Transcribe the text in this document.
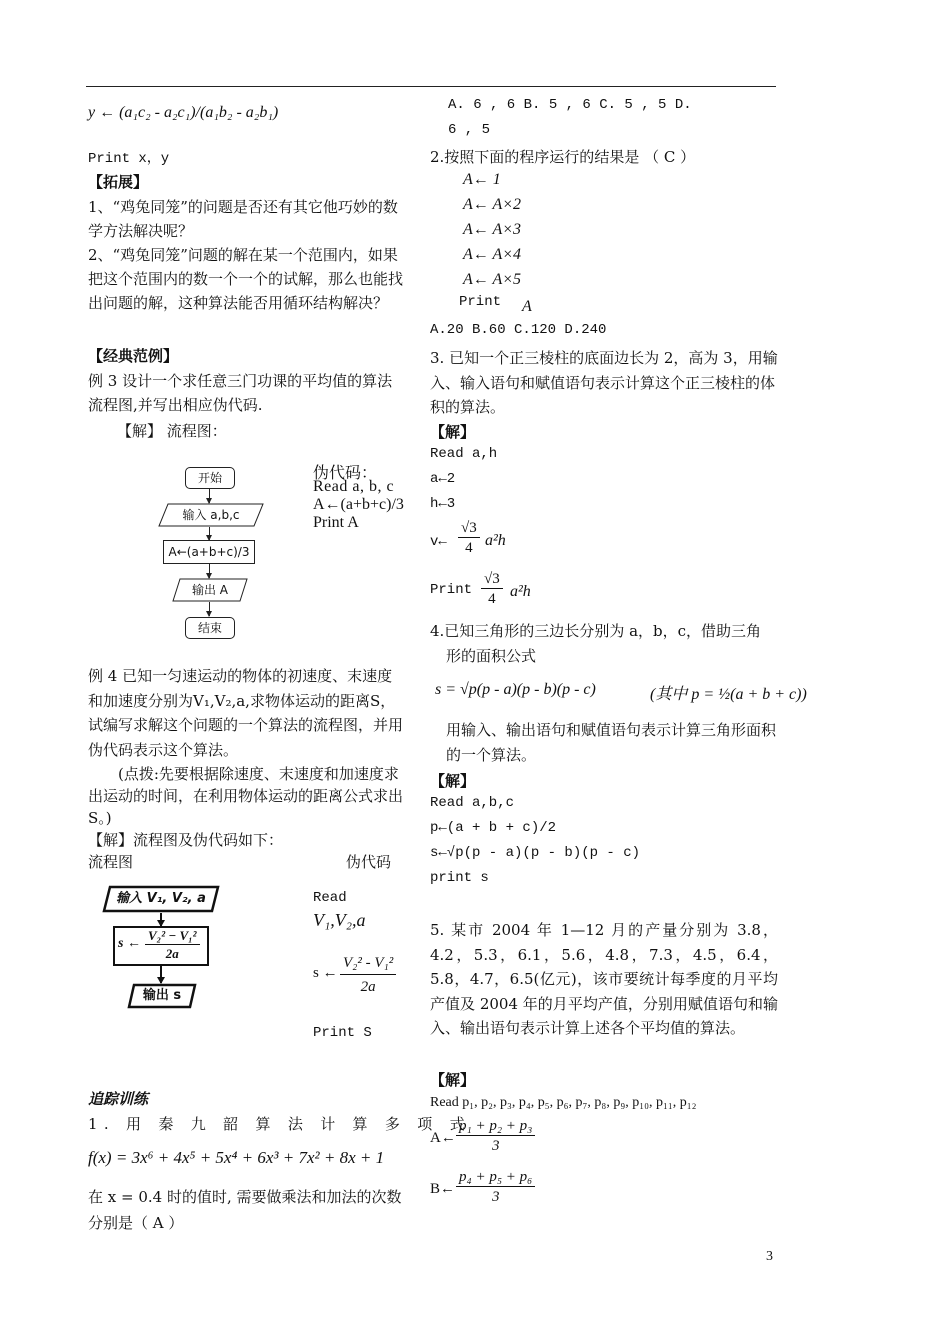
y ← (a₁c₂ - a₂c₁)/(a₁b₂ - a₂b₁)
Print x，y
【拓展】
1、“鸡兔同笼”的问题是否还有其它他巧妙的数学方法解决呢？
2、“鸡兔同笼”问题的解在某一个范围内，如果把这个范围内的数一个一个的试解，那么也能找出问题的解，这种算法能否用循环结构解决？
【经典范例】
例 3 设计一个求任意三门功课的平均值的算法流程图,并写出相应伪代码.
【解】 流程图：
开始
输入 a,b,c
A←(a+b+c)/3
输出 A
结束
伪代码：
Read a, b, c
A←(a+b+c)/3
Print A
例 4 已知一匀速运动的物体的初速度、末速度和加速度分别为V₁,V₂,a,求物体运动的距离S，试编写求解这个问题的一个算法的流程图，并用伪代码表示这个算法。
(点拨:先要根据除速度、末速度和加速度求出运动的时间，在利用物体运动的距离公式求出S。)
【解】流程图及伪代码如下：
流程图	伪代码
输入 V₁, V₂, a
s ← $\frac{\text{V₂² − V₁²}}{2a}$
输出 s
Read
V₁,V₂,a
s ← $\frac{\text{V₂² - V₁²}}{2a}$
Print S
追踪训练
1. 用 秦 九 韶 算 法 计 算 多 项 式
f(x) = 3x⁶ + 4x⁵ + 5x⁴ + 6x³ + 7x² + 8x + 1
在 x = 0.4 时的值时, 需要做乘法和加法的次数分别是（ A ）
A. 6 , 6 B. 5 , 6 C. 5 , 5 D.
6 , 5
2.按照下面的程序运行的结果是 （ C ）
A← 1
A← A×2
A← A×3
A← A×4
A← A×5
Print A
A.20 B.60 C.120 D.240
3. 已知一个正三棱柱的底面边长为 2，高为 3，用输入、输入语句和赋值语句表示计算这个正三棱柱的体积的算法。
【解】
Read a,h
a←2
h←3
v← $\frac{√3}{4} a^2h$
Print $\frac{√3}{4} a^2h$
4.已知三角形的三边长分别为 a，b，c，借助三角
形的面积公式
s = √p(p - a)(p - b)(p - c)	(其中 p = ½(a + b + c))
用输入、输出语句和赋值语句表示计算三角形面积的一个算法。
【解】
Read a,b,c
p←(a + b + c)/2
s←√p(p - a)(p - b)(p - c)
print s
5. 某市 2004 年 1—12 月的产量分别为 3.8，4.2，5.3，6.1，5.6，4.8，7.3，4.5，6.4，5.8，4.7，6.5(亿元)，该市要统计每季度的月平均产值及 2004 年的月平均产值，分别用赋值语句和输入、输出语句表示计算上述各个平均值的算法。
【解】
Read p₁, p₂, p₃, p₄, p₅, p₆, p₇, p₈, p₉, p₁₀, p₁₁, p₁₂
A← $\frac{\text{p₁ + p₂ + p₃}}{3}$
B← $\frac{\text{p₄ + p₅ + p₆}}{3}$
3
